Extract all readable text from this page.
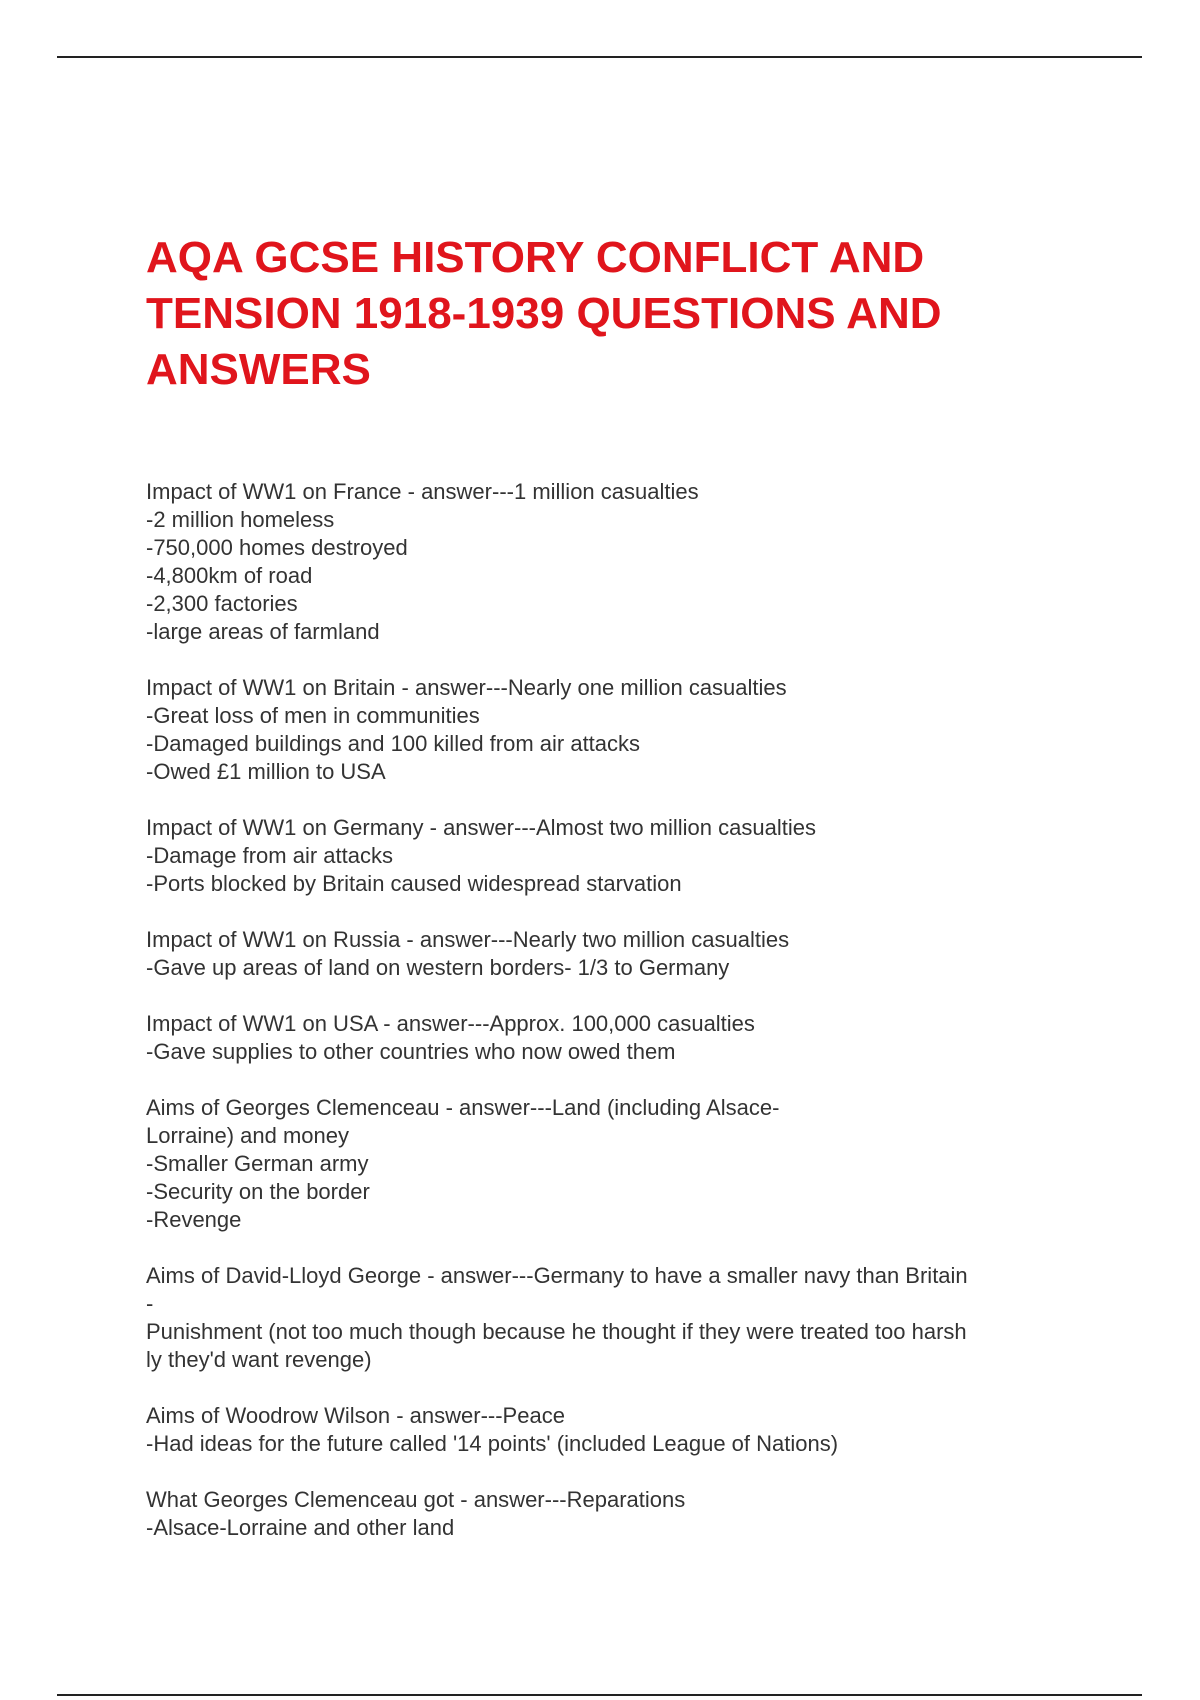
AQA GCSE HISTORY CONFLICT AND TENSION 1918-1939 QUESTIONS AND ANSWERS

Impact of WW1 on France - answer---1 million casualties

-2 million homeless

-750,000 homes destroyed

-4,800km of road

-2,300 factories

-large areas of farmland

Impact of WW1 on Britain - answer---Nearly one million casualties

-Great loss of men in communities

-Damaged buildings and 100 killed from air attacks

-Owed £1 million to USA

Impact of WW1 on Germany - answer---Almost two million casualties

-Damage from air attacks

-Ports blocked by Britain caused widespread starvation

Impact of WW1 on Russia - answer---Nearly two million casualties

-Gave up areas of land on western borders- 1/3 to Germany

Impact of WW1 on USA - answer---Approx. 100,000 casualties

-Gave supplies to other countries who now owed them

Aims of Georges Clemenceau - answer---Land (including Alsace-

Lorraine) and money

-Smaller German army

-Security on the border

-Revenge

Aims of David-Lloyd George - answer---Germany to have a smaller navy than Britain

-

Punishment (not too much though because he thought if they were treated too harsh

ly they'd want revenge)

Aims of Woodrow Wilson - answer---Peace

-Had ideas for the future called '14 points' (included League of Nations)

What Georges Clemenceau got - answer---Reparations

-Alsace-Lorraine and other land
